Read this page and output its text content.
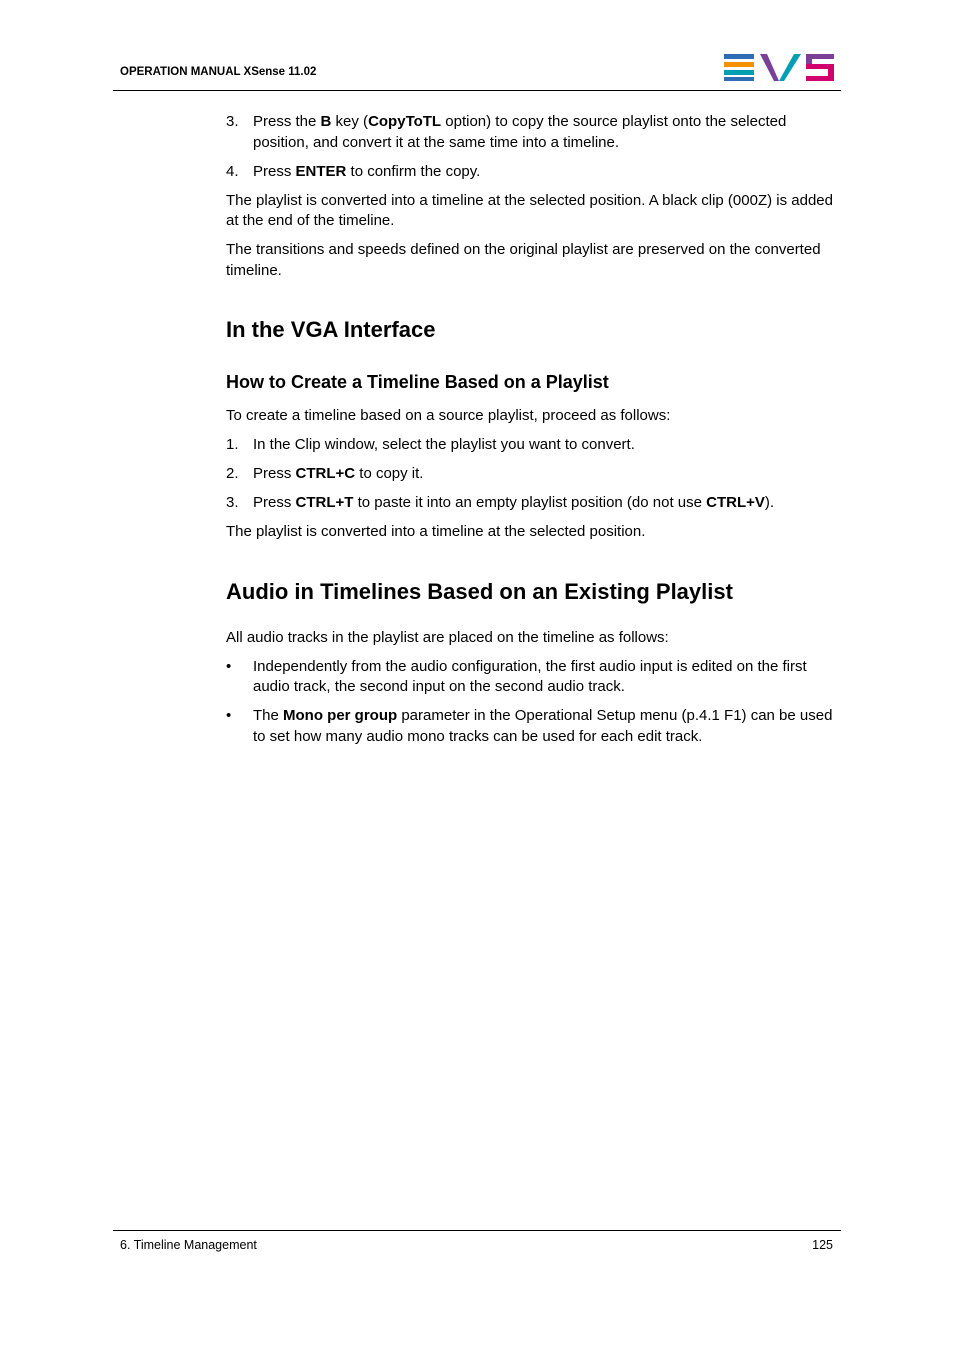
OPERATION MANUAL XSense 11.02
3. Press the B key (CopyToTL option) to copy the source playlist onto the selected position, and convert it at the same time into a timeline.
4. Press ENTER to confirm the copy.

The playlist is converted into a timeline at the selected position. A black clip (000Z) is added at the end of the timeline.

The transitions and speeds defined on the original playlist are preserved on the converted timeline.

In the VGA Interface
How to Create a Timeline Based on a Playlist

To create a timeline based on a source playlist, proceed as follows:

1. In the Clip window, select the playlist you want to convert.
2. Press CTRL+C to copy it.
3. Press CTRL+T to paste it into an empty playlist position (do not use CTRL+V).

The playlist is converted into a timeline at the selected position.

Audio in Timelines Based on an Existing Playlist

All audio tracks in the playlist are placed on the timeline as follows:

• Independently from the audio configuration, the first audio input is edited on the first audio track, the second input on the second audio track.
• The Mono per group parameter in the Operational Setup menu (p.4.1 F1) can be used to set how many audio mono tracks can be used for each edit track.
6. Timeline Management	125
